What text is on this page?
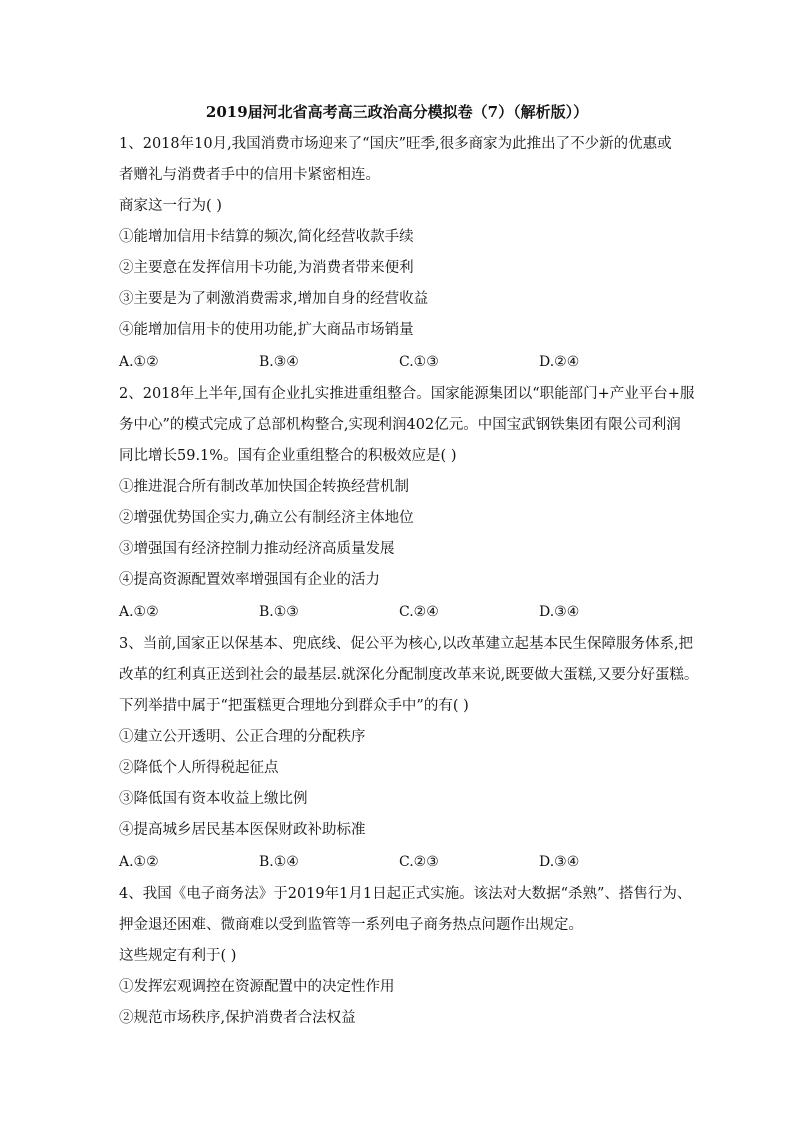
2019届河北省高考高三政治高分模拟卷（7）（解析版））
1、2018年10月,我国消费市场迎来了“国庆”旺季,很多商家为此推出了不少新的优惠或
者赠礼与消费者手中的信用卡紧密相连。
商家这一行为( )
①能增加信用卡结算的频次,简化经营收款手续
②主要意在发挥信用卡功能,为消费者带来便利
③主要是为了刺激消费需求,增加自身的经营收益
④能增加信用卡的使用功能,扩大商品市场销量
A.①②	B.③④	C.①③	D.②④
2、2018年上半年,国有企业扎实推进重组整合。国家能源集团以“职能部门+产业平台+服
务中心”的模式完成了总部机构整合,实现利润402亿元。中国宝武钢铁集团有限公司利润
同比增长59.1%。国有企业重组整合的积极效应是( )
①推进混合所有制改革加快国企转换经营机制
②增强优势国企实力,确立公有制经济主体地位
③增强国有经济控制力推动经济高质量发展
④提高资源配置效率增强国有企业的活力
A.①②	B.①③	C.②④	D.③④
3、当前,国家正以保基本、兜底线、促公平为核心,以改革建立起基本民生保障服务体系,把
改革的红利真正送到社会的最基层.就深化分配制度改革来说,既要做大蛋糕,又要分好蛋糕。
下列举措中属于“把蛋糕更合理地分到群众手中”的有( )
①建立公开透明、公正合理的分配秩序
②降低个人所得税起征点
③降低国有资本收益上缴比例
④提高城乡居民基本医保财政补助标准
A.①②	B.①④	C.②③	D.③④
4、我国《电子商务法》于2019年1月1日起正式实施。该法对大数据“杀熟”、搭售行为、
押金退还困难、微商难以受到监管等一系列电子商务热点问题作出规定。
这些规定有利于( )
①发挥宏观调控在资源配置中的决定性作用
②规范市场秩序,保护消费者合法权益
